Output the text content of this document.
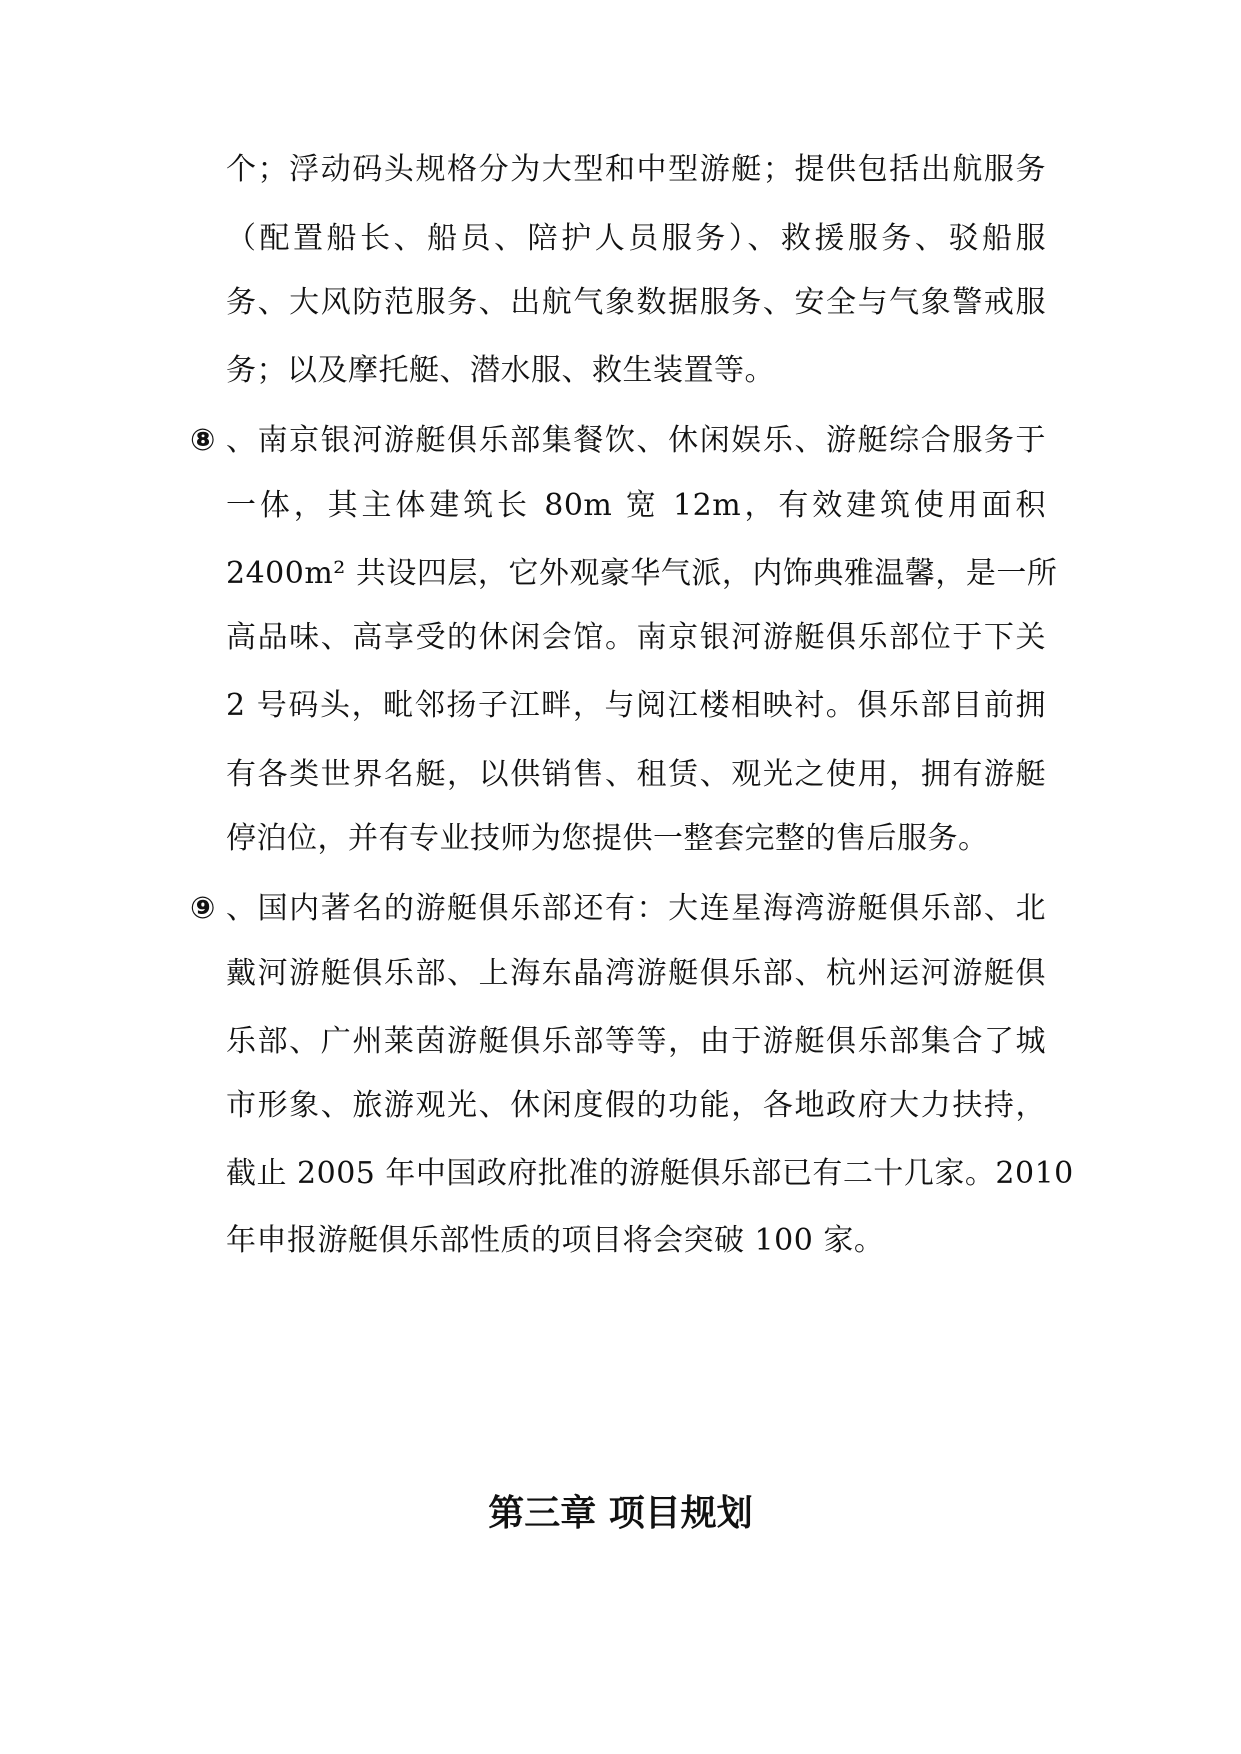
个；浮动码头规格分为大型和中型游艇；提供包括出航服务
（配置船长、船员、陪护人员服务）、救援服务、驳船服
务、大风防范服务、出航气象数据服务、安全与气象警戒服
务；以及摩托艇、潜水服、救生装置等。
⑧ 、南京银河游艇俱乐部集餐饮、休闲娱乐、游艇综合服务于
一体，其主体建筑长 80m 宽 12m，有效建筑使用面积
2400m² 共设四层，它外观豪华气派，内饰典雅温馨，是一所
高品味、高享受的休闲会馆。南京银河游艇俱乐部位于下关
2 号码头，毗邻扬子江畔，与阅江楼相映衬。俱乐部目前拥
有各类世界名艇，以供销售、租赁、观光之使用，拥有游艇
停泊位，并有专业技师为您提供一整套完整的售后服务。
⑨ 、国内著名的游艇俱乐部还有：大连星海湾游艇俱乐部、北
戴河游艇俱乐部、上海东晶湾游艇俱乐部、杭州运河游艇俱
乐部、广州莱茵游艇俱乐部等等，由于游艇俱乐部集合了城
市形象、旅游观光、休闲度假的功能，各地政府大力扶持，
截止 2005 年中国政府批准的游艇俱乐部已有二十几家。2010
年申报游艇俱乐部性质的项目将会突破 100 家。
第三章 项目规划
